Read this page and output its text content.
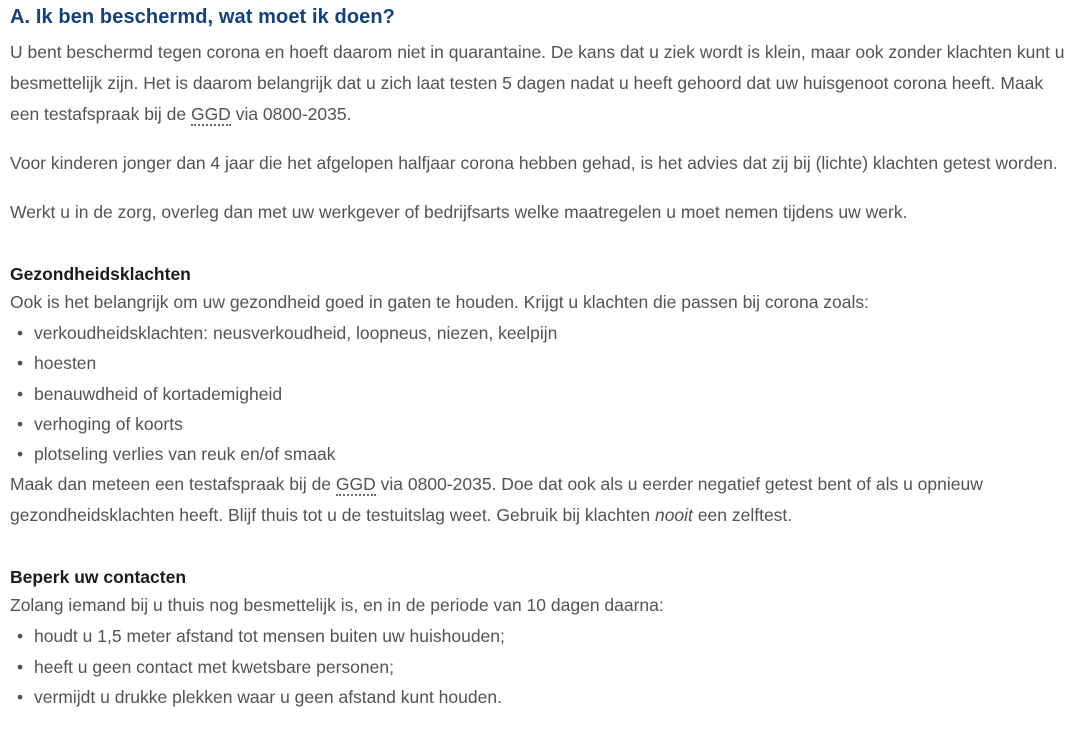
A. Ik ben beschermd, wat moet ik doen?

U bent beschermd tegen corona en hoeft daarom niet in quarantaine. De kans dat u ziek wordt is klein, maar ook zonder klachten kunt u besmettelijk zijn. Het is daarom belangrijk dat u zich laat testen 5 dagen nadat u heeft gehoord dat uw huisgenoot corona heeft. Maak een testafspraak bij de GGD via 0800-2035.

Voor kinderen jonger dan 4 jaar die het afgelopen halfjaar corona hebben gehad, is het advies dat zij bij (lichte) klachten getest worden.

Werkt u in de zorg, overleg dan met uw werkgever of bedrijfsarts welke maatregelen u moet nemen tijdens uw werk.

Gezondheidsklachten

Ook is het belangrijk om uw gezondheid goed in gaten te houden. Krijgt u klachten die passen bij corona zoals:

• verkoudheidsklachten: neusverkoudheid, loopneus, niezen, keelpijn
• hoesten
• benauwdheid of kortademigheid
• verhoging of koorts
• plotseling verlies van reuk en/of smaak

Maak dan meteen een testafspraak bij de GGD via 0800-2035. Doe dat ook als u eerder negatief getest bent of als u opnieuw gezondheidsklachten heeft. Blijf thuis tot u de testuitslag weet. Gebruik bij klachten nooit een zelftest.

Beperk uw contacten

Zolang iemand bij u thuis nog besmettelijk is, en in de periode van 10 dagen daarna:

• houdt u 1,5 meter afstand tot mensen buiten uw huishouden;
• heeft u geen contact met kwetsbare personen;
• vermijdt u drukke plekken waar u geen afstand kunt houden.
